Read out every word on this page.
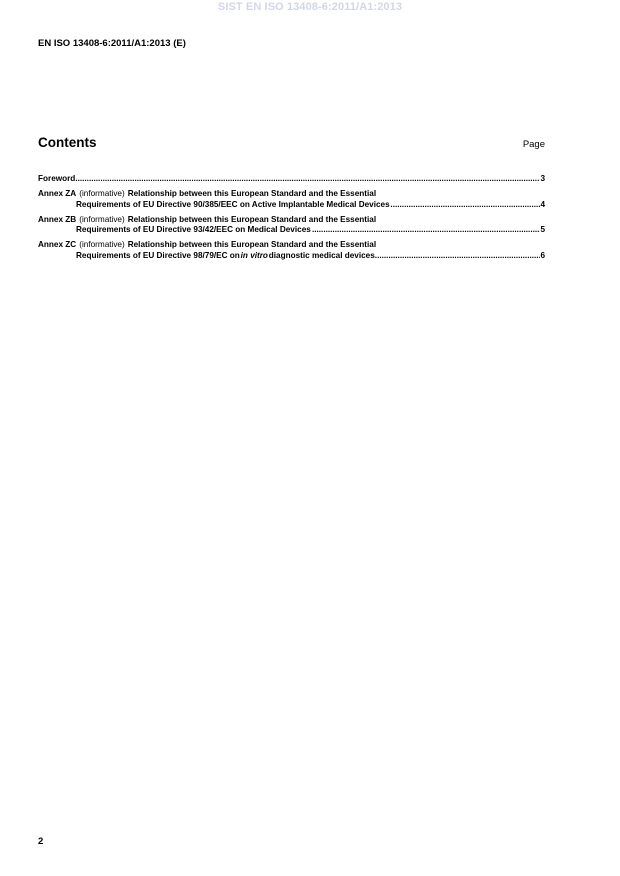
SIST EN ISO 13408-6:2011/A1:2013
EN ISO 13408-6:2011/A1:2013 (E)
Contents	Page
Foreword .....	3
Annex ZA (informative) Relationship between this European Standard and the Essential
Requirements of EU Directive 90/385/EEC on Active Implantable Medical Devices .....	4
Annex ZB (informative) Relationship between this European Standard and the Essential
Requirements of EU Directive 93/42/EEC on Medical Devices .....	5
Annex ZC (informative) Relationship between this European Standard and the Essential
Requirements of EU Directive 98/79/EC on in vitro diagnostic medical devices .....	6
2
